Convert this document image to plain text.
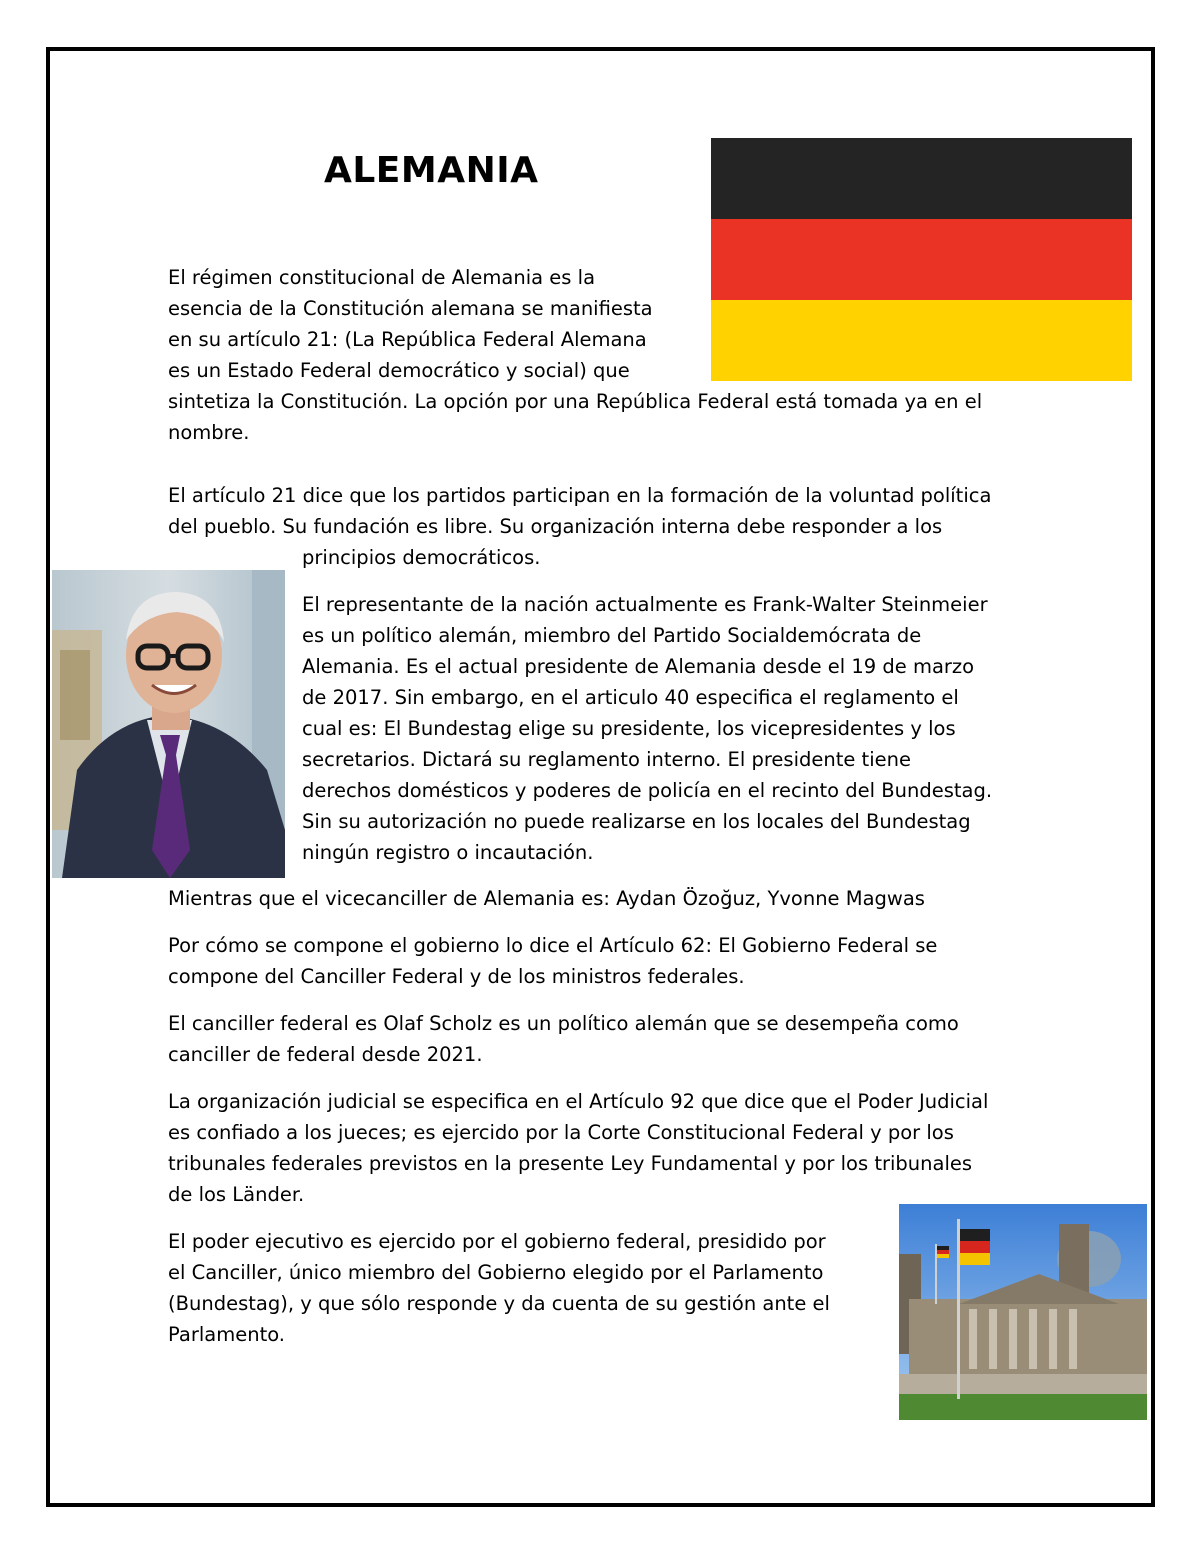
ALEMANIA
El régimen constitucional de Alemania es la
esencia de la Constitución alemana se manifiesta
en su artículo 21: (La República Federal Alemana
es un Estado Federal democrático y social) que
sintetiza la Constitución. La opción por una República Federal está tomada ya en el
nombre.
El artículo 21 dice que los partidos participan en la formación de la voluntad política
del pueblo. Su fundación es libre. Su organización interna debe responder a los
principios democráticos.
El representante de la nación actualmente es Frank-Walter Steinmeier
es un político alemán, miembro del Partido Socialdemócrata de
Alemania. Es el actual presidente de Alemania desde el 19 de marzo
de 2017. Sin embargo, en el articulo 40 especifica el reglamento el
cual es: El Bundestag elige su presidente, los vicepresidentes y los
secretarios. Dictará su reglamento interno. El presidente tiene
derechos domésticos y poderes de policía en el recinto del Bundestag.
Sin su autorización no puede realizarse en los locales del Bundestag
ningún registro o incautación.
Mientras que el vicecanciller de Alemania es: Aydan Özoğuz, Yvonne Magwas
Por cómo se compone el gobierno lo dice el Artículo 62: El Gobierno Federal se
compone del Canciller Federal y de los ministros federales.
El canciller federal es Olaf Scholz es un político alemán que se desempeña como
canciller de federal desde 2021.
La organización judicial se especifica en el Artículo 92 que dice que el Poder Judicial
es confiado a los jueces; es ejercido por la Corte Constitucional Federal y por los
tribunales federales previstos en la presente Ley Fundamental y por los tribunales
de los Länder.
El poder ejecutivo es ejercido por el gobierno federal, presidido por
el Canciller, único miembro del Gobierno elegido por el Parlamento
(Bundestag), y que sólo responde y da cuenta de su gestión ante el
Parlamento.
